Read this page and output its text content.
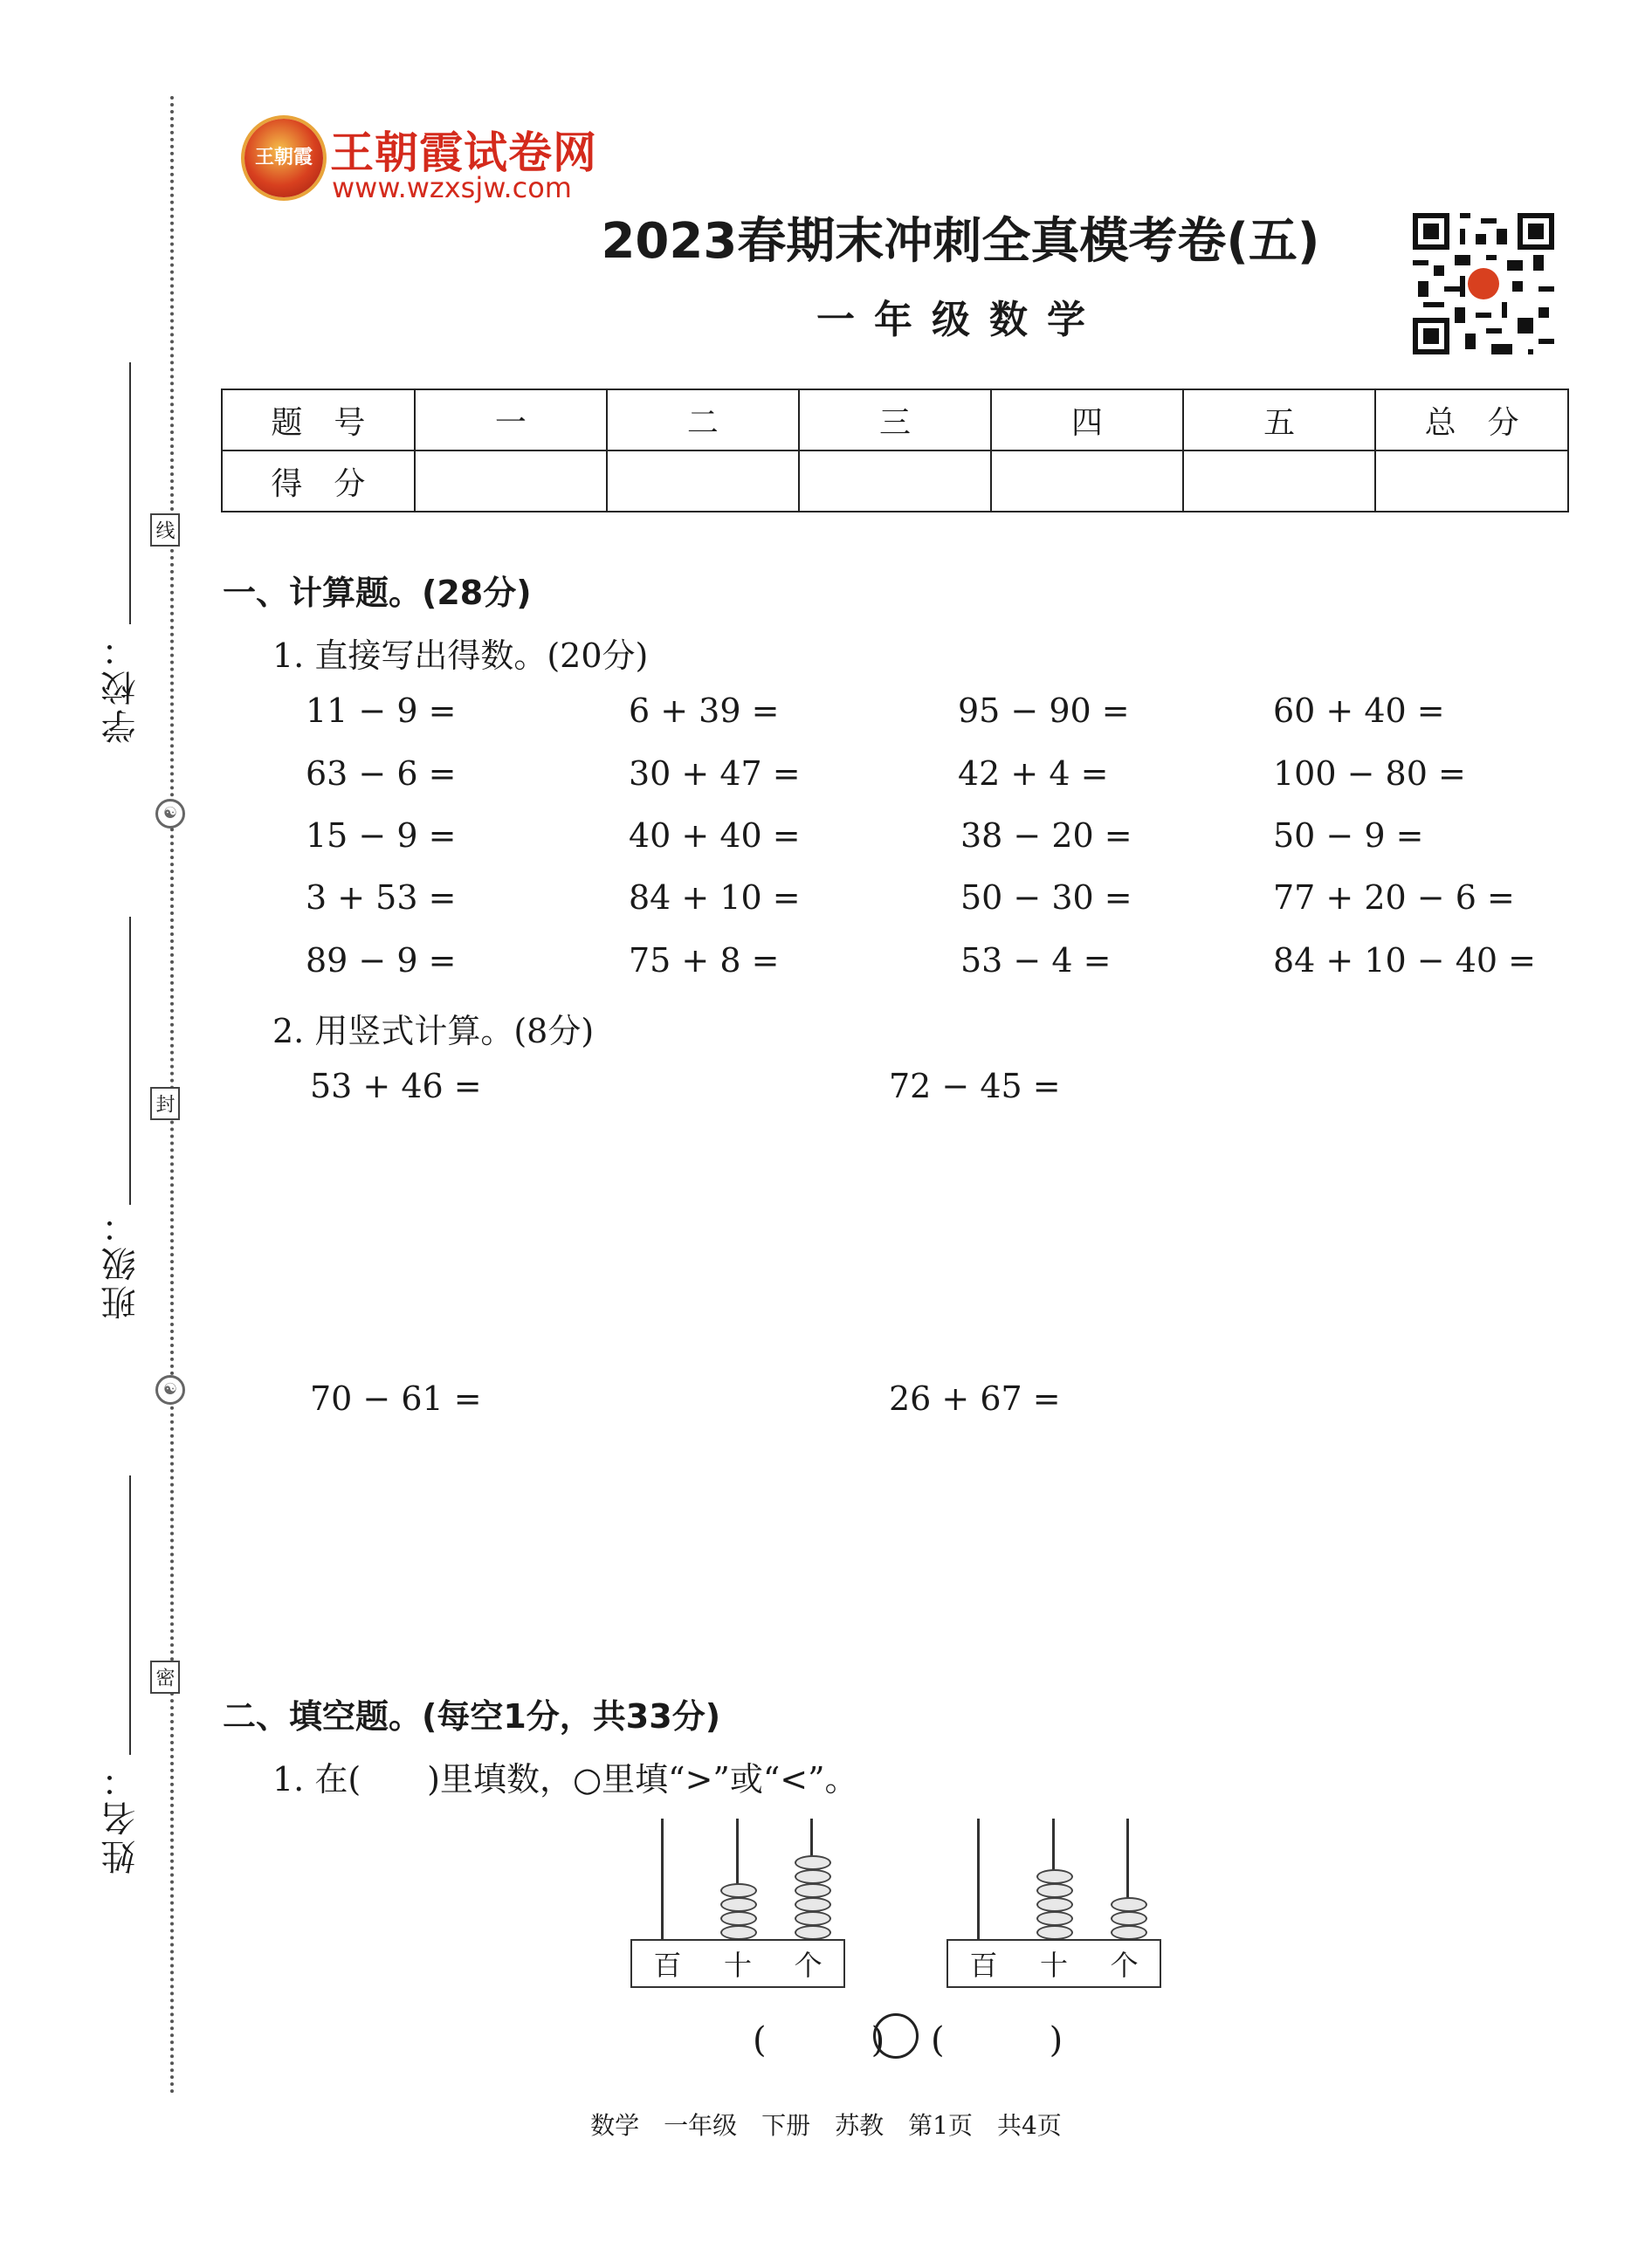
学校：
线
☯
班级：
封
☯
姓名：
密
王朝霞 王朝霞试卷网
www.wzxsjw.com
2023春期末冲刺全真模考卷(五)
一年级数学
题　号	一	二	三	四	五	总　分
得　分						
一、计算题。(28分)
1. 直接写出得数。(20分)
11 − 9 =	6 + 39 =	95 − 90 =	60 + 40 =
63 − 6 =	30 + 47 =	42 + 4 =	100 − 80 =
15 − 9 =	40 + 40 =	38 − 20 =	50 − 9 =
3 + 53 =	84 + 10 =	50 − 30 =	77 + 20 − 6 =
89 − 9 =	75 + 8 =	53 − 4 =	84 + 10 − 40 =
2. 用竖式计算。(8分)
53 + 46 =	72 − 45 =
70 − 61 =	26 + 67 =
二、填空题。(每空1分，共33分)
1. 在(　　)里填数，○里填“>”或“<”。
百 十 个	百 十 个
(　　　) (　　　)
数学　一年级　下册　苏教　第1页　共4页
